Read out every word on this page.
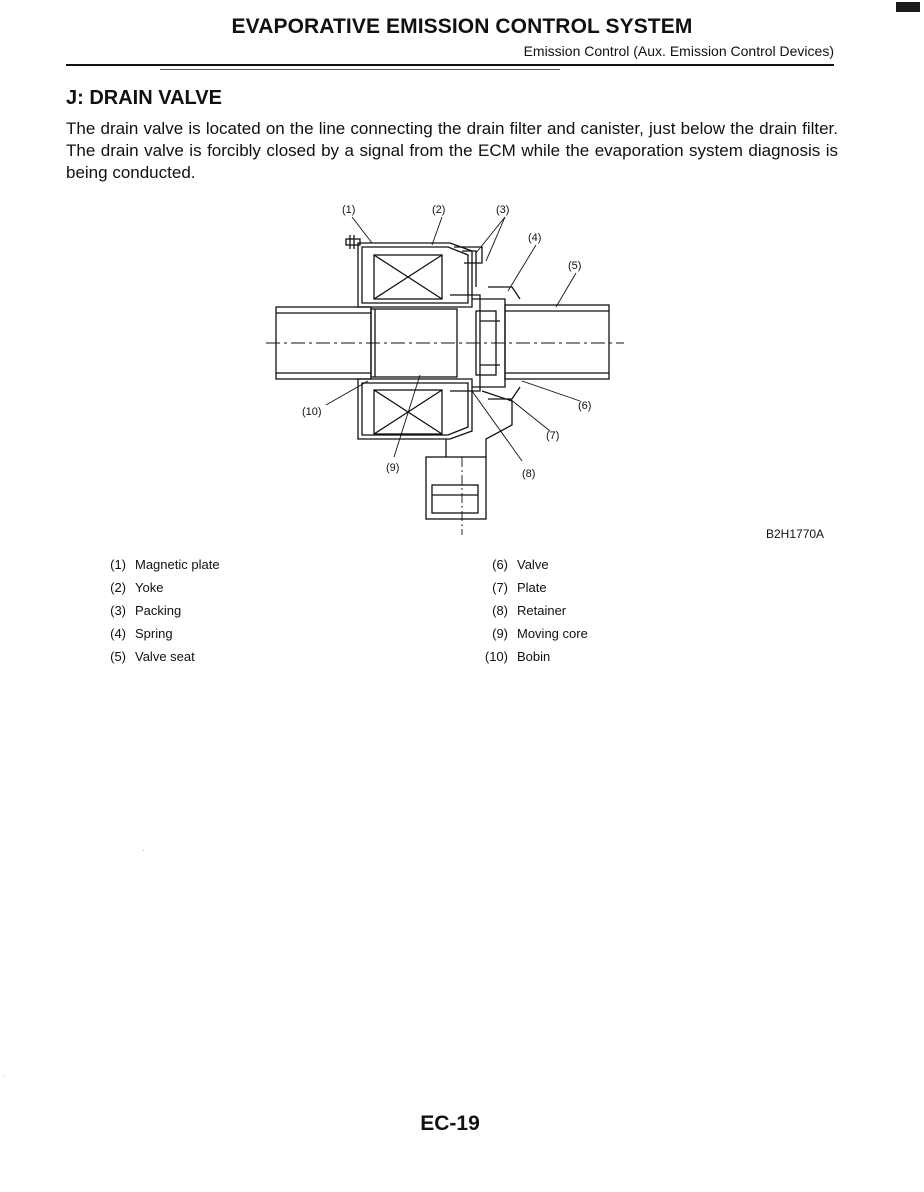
EVAPORATIVE EMISSION CONTROL SYSTEM
Emission Control (Aux. Emission Control Devices)
J: DRAIN VALVE

The drain valve is located on the line connecting the drain filter and canister, just below the drain filter. The drain valve is forcibly closed by a signal from the ECM while the evaporation system diagnosis is being conducted.

(1)	(2)	(3)
(4)
(5)
(6)
(7)
(8)
(9)
(10)
B2H1770A
(1) Magnetic plate
(2) Yoke
(3) Packing
(4) Spring
(5) Valve seat
(6) Valve
(7) Plate
(8) Retainer
(9) Moving core
(10) Bobin
EC-19
